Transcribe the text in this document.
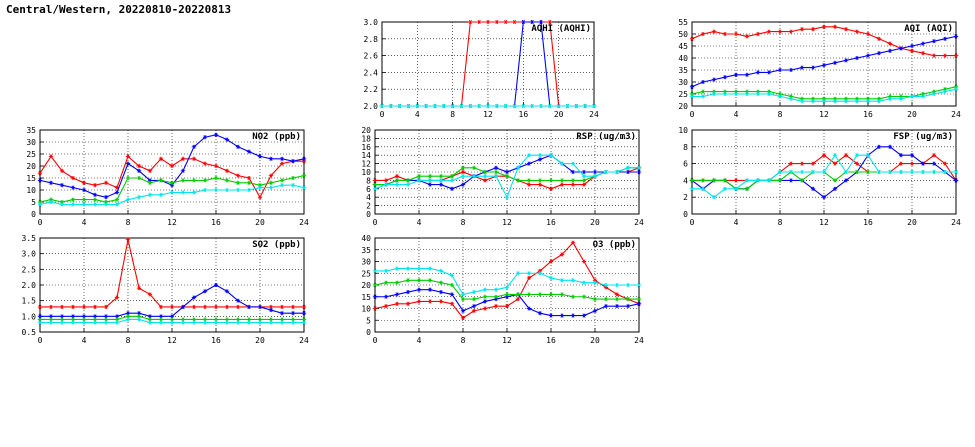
Central/Western, 20220810-20220813
2.0
2.2
2.4
2.6
2.8
3.0
0	4	8	12	16	20	24
AQHI (AQHI)
20
25
30
35
40
45
50
55
0	4	8	12	16	20	24
AQI (AQI)
0
5
10
15
20
25
30
35
0	4	8	12	16	20	24
NO2 (ppb)
0
2
4
6
8
10
12
14
16
18
20
0	4	8	12	16	20	24
RSP (ug/m3)
0
2
4
6
8
10
0	4	8	12	16	20	24
FSP (ug/m3)
0.5
1.0
1.5
2.0
2.5
3.0
3.5
0	4	8	12	16	20	24
SO2 (ppb)
0
5
10
15
20
25
30
35
40
0	4	8	12	16	20	24
O3 (ppb)
